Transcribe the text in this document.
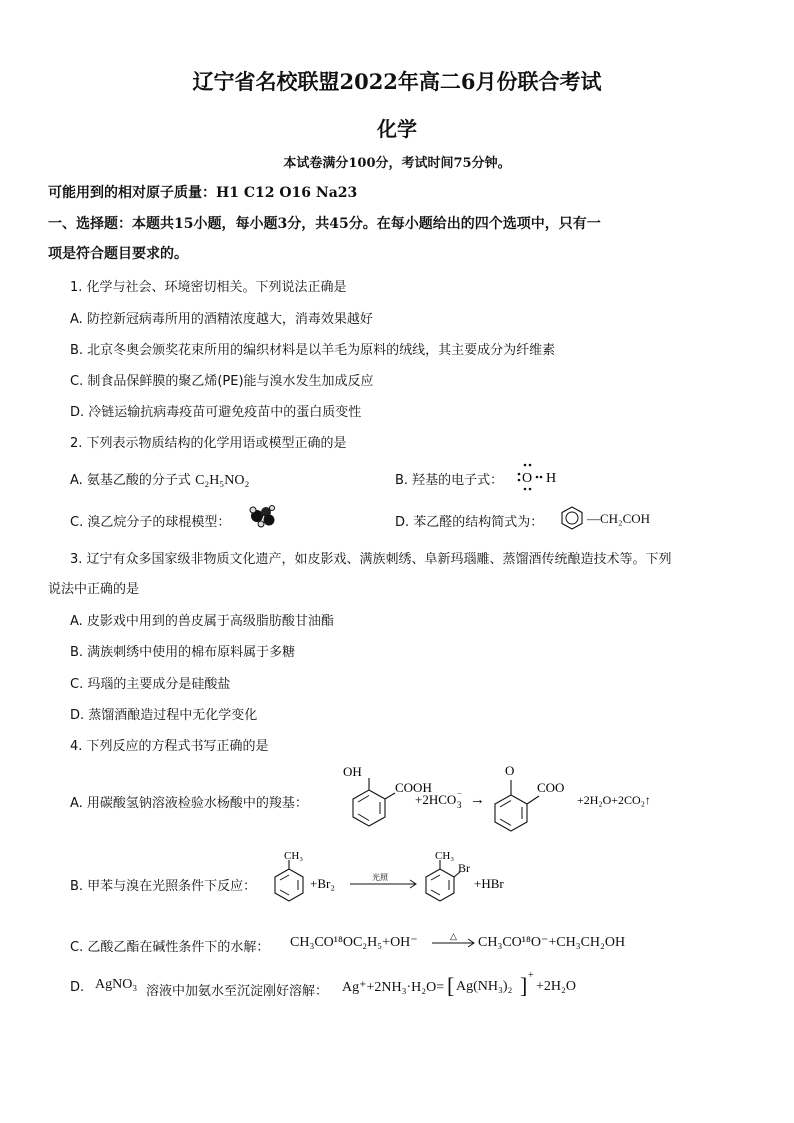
辽宁省名校联盟2022年高二6月份联合考试
化学
本试卷满分100分，考试时间75分钟。
可能用到的相对原子质量：H1 C12 O16 Na23
一、选择题：本题共15小题，每小题3分，共45分。在每小题给出的四个选项中，只有一
项是符合题目要求的。
1. 化学与社会、环境密切相关。下列说法正确是
A. 防控新冠病毒所用的酒精浓度越大，消毒效果越好
B. 北京冬奥会颁奖花束所用的编织材料是以羊毛为原料的绒线，其主要成分为纤维素
C. 制食品保鲜膜的聚乙烯(PE)能与溴水发生加成反应
D. 冷链运输抗病毒疫苗可避免疫苗中的蛋白质变性
2. 下列表示物质结构的化学用语或模型正确的是
A. 氨基乙酸的分子式 C₂H₅NO₂	B. 羟基的电子式： O H
C. 溴乙烷分子的球棍模型：	D. 苯乙醛的结构简式为：	—CH₂COH
3. 辽宁有众多国家级非物质文化遗产，如皮影戏、满族刺绣、阜新玛瑙雕、蒸馏酒传统酿造技术等。下列
说法中正确的是
A. 皮影戏中用到的兽皮属于高级脂肪酸甘油酯
B. 满族刺绣中使用的棉布原料属于多糖
C. 玛瑙的主要成分是硅酸盐
D. 蒸馏酒酿造过程中无化学变化
4. 下列反应的方程式书写正确的是
A. 用碳酸氢钠溶液检验水杨酸中的羧基：
OH
COOH
+2HCO 3
⁻ →
O
COO
+2H₂O+2CO₂↑
B. 甲苯与溴在光照条件下反应：
CH₃
+Br₂	光照
CH₃
Br
+HBr
C. 乙酸乙酯在碱性条件下的水解： CH₃CO¹⁸OC₂H₅+OH⁻	△ CH₃CO¹⁸O⁻+CH₃CH₂OH
D. AgNO₃ 溶液中加氨水至沉淀刚好溶解： Ag⁺+2NH₃·H₂O= [ Ag(NH₃)₂ ] +
+2H₂O
